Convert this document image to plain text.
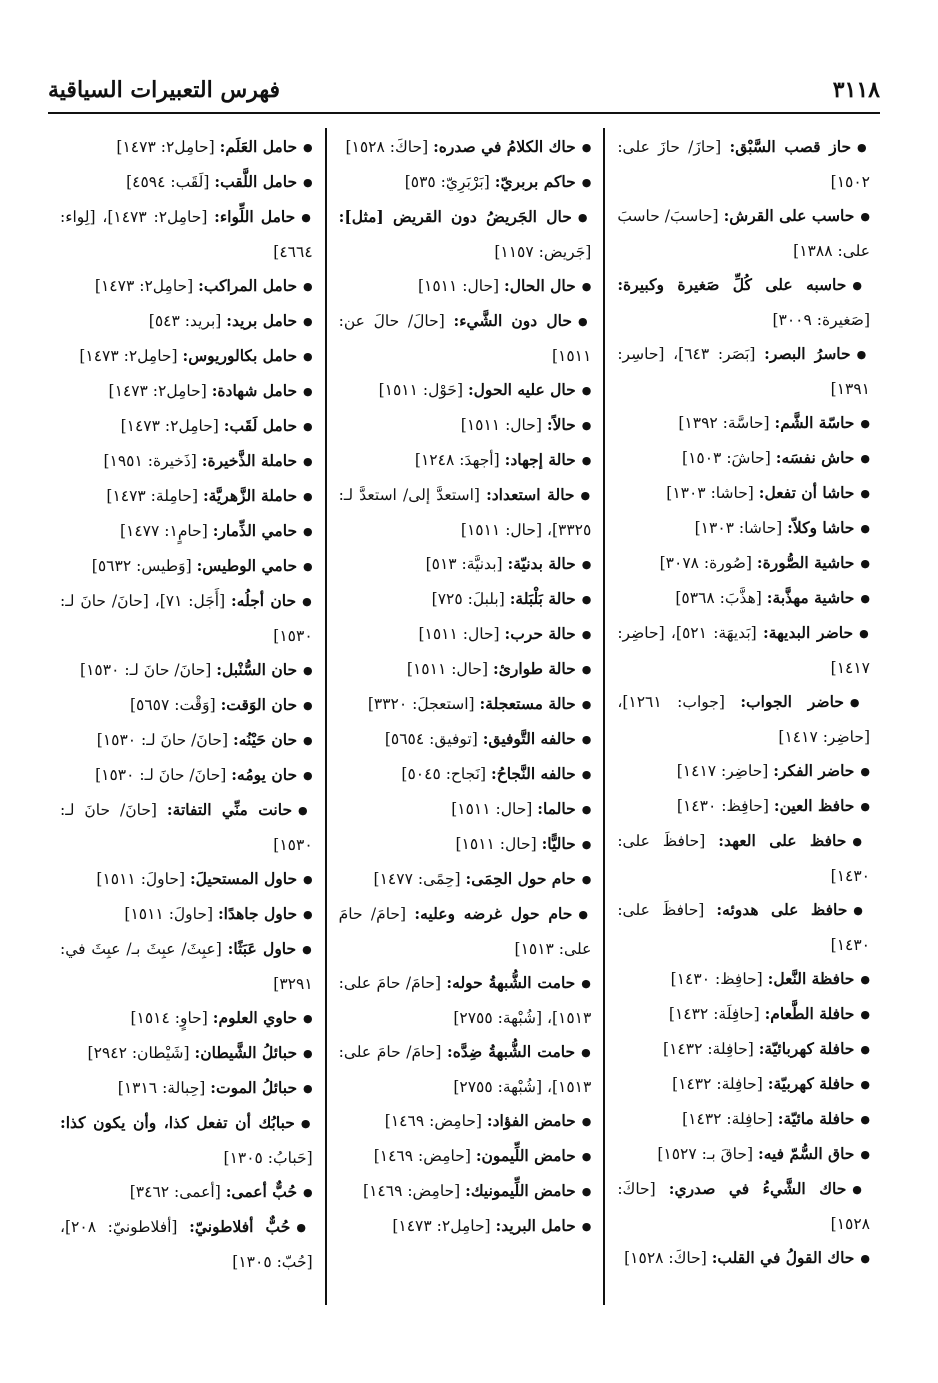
٣١١٨
فهرس التعبيرات السياقية
●حاز قصب السَّبْق: [حازَ/ حازَ على: ١٥٠٢]
●حاسب على القرش: [حاسبَ/ حاسبَ على: ١٣٨٨]
●حاسبه على كُلِّ صَغيرة وكبيرة: [صَغيرة: ٣٠٠٩]
●حاسرُ البصر: [بَصَر: ٦٤٣]، [حاسِر: ١٣٩١]
●حاسّة الشَّم: [حاسَّة: ١٣٩٢]
●حاش نفسَه: [حاشَ: ١٥٠٣]
●حاشا أن تفعل: [حاشا: ١٣٠٣]
●حاشا وكلاّ: [حاشا: ١٣٠٣]
●حاشية الصُّورة: [صُورة: ٣٠٧٨]
●حاشية مهذَّبة: [هذَّبَ: ٥٣٦٨]
●حاضر البديهة: [بَديهَة: ٥٢١]، [حاضِر: ١٤١٧]
●حاضر الجواب: [جواب: ١٢٦١]، [حاضِر: ١٤١٧]
●حاضر الفكر: [حاضِر: ١٤١٧]
●حافظ العين: [حافِظ: ١٤٣٠]
●حافظ على العهد: [حافظَ على: ١٤٣٠]
●حافظ على هدوئه: [حافظَ على: ١٤٣٠]
●حافظة النَّعل: [حافِظ: ١٤٣٠]
●حافلة الطَّعام: [حافِلَة: ١٤٣٢]
●حافلة كهربائيّة: [حافِلة: ١٤٣٢]
●حافلة كهربيّة: [حافِلة: ١٤٣٢]
●حافلة مائيّة: [حافِلة: ١٤٣٢]
●حاق السُّمّ فيه: [حاقَ بـ: ١٥٢٧]
●حاك الشَّيءُ في صدري: [حاكَ: ١٥٢٨]
●حاك القولُ في القلب: [حاكَ: ١٥٢٨]
●حاك الكلامُ في صدره: [حاكَ: ١٥٢٨]
●حاكم بربريّ: [بَرْبَرِيّ: ٥٣٥]
●حال الجَريضُ دون القريض [مثل]: [جَريض: ١١٥٧]
●حال الحال: [حال: ١٥١١]
●حال دون الشَّيء: [حالَ/ حالَ عن: ١٥١١]
●حال عليه الحول: [حَوْل: ١٥١١]
●حالاً: [حال: ١٥١١]
●حالة إجهاد: [أجهدَ: ١٢٤٨]
●حالة استعداد: [استعدَّ إلى/ استعدَّ لـ: ٣٣٢٥]، [حال: ١٥١١]
●حالة بدنيّة: [بدنيَّة: ٥١٣]
●حالة بَلْبَلة: [بلبلَ: ٧٢٥]
●حالة حرب: [حال: ١٥١١]
●حالة طوارئ: [حال: ١٥١١]
●حالة مستعجلة: [استعجلَ: ٣٣٢٠]
●حالفه التَّوفيق: [توفيق: ٥٦٥٤]
●حالفه النَّجاحُ: [نَجاح: ٥٠٤٥]
●حالما: [حال: ١٥١١]
●حاليًّا: [حال: ١٥١١]
●حام حول الحِمَى: [حِمًى: ١٤٧٧]
●حام حول غرضه وعليه: [حامَ/ حامَ على: ١٥١٣]
●حامت الشُّبهةُ حوله: [حامَ/ حامَ على: ١٥١٣]، [شُبْهة: ٢٧٥٥]
●حامت الشُّبهةُ ضِدَّه: [حامَ/ حامَ على: ١٥١٣]، [شُبْهة: ٢٧٥٥]
●حامض الفؤاد: [حامِض: ١٤٦٩]
●حامض اللِّيمون: [حامِض: ١٤٦٩]
●حامض اللِّيمونيك: [حامِض: ١٤٦٩]
●حامل البريد: [حامِل٢: ١٤٧٣]
●حامل العَلَم: [حامِل٢: ١٤٧٣]
●حامل اللَّقب: [لَقَب: ٤٥٩٤]
●حامل اللِّواء: [حامِل٢: ١٤٧٣]، [لِواء: ٤٦٦٤]
●حامل المراكب: [حامِل٢: ١٤٧٣]
●حامل بريد: [بريد: ٥٤٣]
●حامل بكالوريوس: [حامِل٢: ١٤٧٣]
●حامل شهادة: [حامِل٢: ١٤٧٣]
●حامل لَقَب: [حامِل٢: ١٤٧٣]
●حاملة الذَّخيرة: [ذَخيرة: ١٩٥١]
●حاملة الزَّهريَّة: [حامِلة: ١٤٧٣]
●حامي الذِّمار: [حامٍ١: ١٤٧٧]
●حامي الوطيس: [وَطيس: ٥٦٣٢]
●حان أجلُه: [أَجَل: ٧١]، [حانَ/ حانَ لـ: ١٥٣٠]
●حان السُّنْبل: [حانَ/ حانَ لـ: ١٥٣٠]
●حان الوَقت: [وَقْت: ٥٦٥٧]
●حان حَيْنُه: [حانَ/ حانَ لـ: ١٥٣٠]
●حان يومُه: [حانَ/ حانَ لـ: ١٥٣٠]
●حانت منِّي التفاتة: [حانَ/ حانَ لـ: ١٥٣٠]
●حاول المستحيلَ: [حاولَ: ١٥١١]
●حاول جاهدًا: [حاولَ: ١٥١١]
●حاول عَبَثًا: [عبِثَ/ عبِثَ بـ/ عبِثَ في: ٣٢٩١]
●حاوي العلوم: [حاوٍ: ١٥١٤]
●حبائلُ الشَّيطان: [شَيْطان: ٢٩٤٢]
●حبائلُ الموت: [حِبالة: ١٣١٦]
●حبابُك أن تفعل كذا، وأن يكون كذا: [حَبابُ: ١٣٠٥]
●حُبٌّ أعمى: [أعمى: ٣٤٦٢]
●حُبٌّ أفلاطونيّ: [أفلاطونيّ: ٢٠٨]، [حُبّ: ١٣٠٥]
